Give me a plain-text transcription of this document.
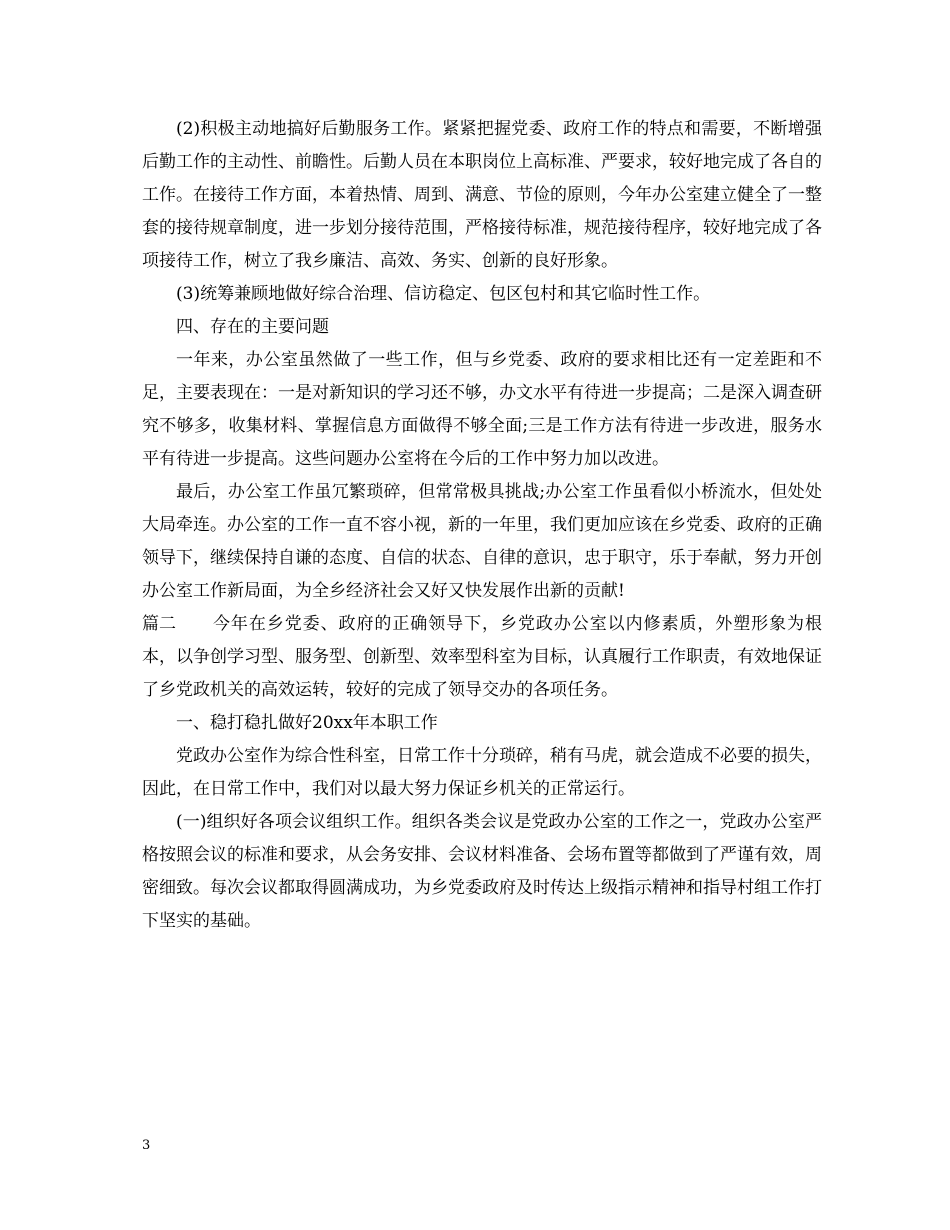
(2)积极主动地搞好后勤服务工作。紧紧把握党委、政府工作的特点和需要，不断增强后勤工作的主动性、前瞻性。后勤人员在本职岗位上高标准、严要求，较好地完成了各自的工作。在接待工作方面，本着热情、周到、满意、节俭的原则，今年办公室建立健全了一整套的接待规章制度，进一步划分接待范围，严格接待标准，规范接待程序，较好地完成了各项接待工作，树立了我乡廉洁、高效、务实、创新的良好形象。

(3)统筹兼顾地做好综合治理、信访稳定、包区包村和其它临时性工作。

四、存在的主要问题

一年来，办公室虽然做了一些工作，但与乡党委、政府的要求相比还有一定差距和不足，主要表现在：一是对新知识的学习还不够，办文水平有待进一步提高；二是深入调查研究不够多，收集材料、掌握信息方面做得不够全面;三是工作方法有待进一步改进，服务水平有待进一步提高。这些问题办公室将在今后的工作中努力加以改进。

最后，办公室工作虽冗繁琐碎，但常常极具挑战;办公室工作虽看似小桥流水，但处处大局牵连。办公室的工作一直不容小视，新的一年里，我们更加应该在乡党委、政府的正确领导下，继续保持自谦的态度、自信的状态、自律的意识，忠于职守，乐于奉献，努力开创办公室工作新局面，为全乡经济社会又好又快发展作出新的贡献!

篇二 今年在乡党委、政府的正确领导下，乡党政办公室以内修素质，外塑形象为根本，以争创学习型、服务型、创新型、效率型科室为目标，认真履行工作职责，有效地保证了乡党政机关的高效运转，较好的完成了领导交办的各项任务。

一、稳打稳扎做好20xx年本职工作

党政办公室作为综合性科室，日常工作十分琐碎，稍有马虎，就会造成不必要的损失，因此，在日常工作中，我们对以最大努力保证乡机关的正常运行。

(一)组织好各项会议组织工作。组织各类会议是党政办公室的工作之一，党政办公室严格按照会议的标准和要求，从会务安排、会议材料准备、会场布置等都做到了严谨有效，周密细致。每次会议都取得圆满成功，为乡党委政府及时传达上级指示精神和指导村组工作打下坚实的基础。

3
